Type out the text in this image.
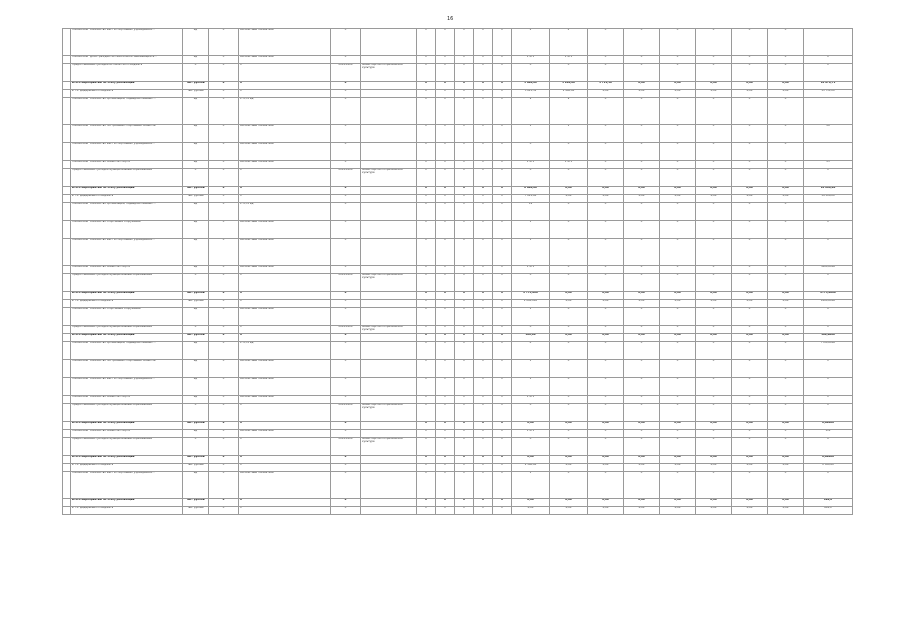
16
	Показатель "Количество мест в спортивных учреждениях..."	ед	Х	Абсолютный показатель	Х		Х	Х	Х	Х	Х	2	2	Х	Х	Х	Х	Х	Х	
	Показатель "Доля граждан систематически занимающихся..."	ед	Х	Абсолютный показатель	Х		Х	Х	Х	Х	Х	1 471	1 471	Х	Х	Х	Х	Х	Х	Х
	Предоставление субсидий из областного бюджета	Х	Х	Х	2014-2024	Министерство по физической культуре	Х	Х	Х	Х	Х	Х	Х	Х	Х	Х	Х	Х	Х	Х
	Итого мероприятию по этапу реализации	тыс. рублей	Х	Х	Х		Х	Х	Х	Х	Х	5 800,06	3 200,00	3 711,50	0,00	0,00	0,00	0,00	0,00	16 870,71
	в т.ч. федерального бюджета	тыс. рублей	Х	Х	Х		Х	Х	Х	Х	Х	5 621,32	2 900,00	0,00	0,00	0,00	0,00	0,00	0,00	15 731,00
	Показатель "Количество организаций, подведомственных ..."	ед	Х	Е: 0,70 ед.	Х		Х	Х	Х	Х	Х	9	9	Х	Х	Х	Х	Х	Х	
	Показатель "Количество построенных спортивных объектов"	ед	Х	Абсолютный показатель	Х		Х	Х	Х	Х	Х	1	1	Х	Х	Х	Х	Х	Х	28
	Показатель "Количество мест в спортивных учреждениях..."	ед	Х	Абсолютный показатель	Х		Х	Х	Х	Х	Х	Х	Х	Х	Х	Х	Х	Х	Х	
	Показатель "Количество объектов спорта"	ед	Х	Абсолютный показатель	Х		Х	Х	Х	Х	Х	1 471	1 471	Х	Х	Х	Х	Х	Х	25
	Предоставление субсидий муниципальным образованиям	Х	Х	Х	2014-2024	Министерство по физической культуре	Х	Х	Х	Х	Х	Х	Х	Х	Х	Х	Х	Х	Х	Х
	Итого мероприятию по этапу реализации	тыс. рублей	Х	Х	Х		Х	Х	Х	Х	Х	8 800,00	0,00	0,00	0,00	0,00	0,00	0,00	0,00	16 600,00
	в т.ч. федерального бюджета	тыс. рублей	Х	Х	Х		Х	Х	Х	Х	Х	7 021,00	0,00	0,00	0,00	0,00	0,00	0,00	0,00	14 500,00
	Показатель "Количество организаций, подведомственных ..."	ед	Х	Е: 0,70 ед.	Х		Х	Х	Х	Х	Х	19	Х	Х	Х	Х	Х	Х	Х	
	Показатель "Количество спортивных сооружений"	ед	Х	Абсолютный показатель	Х		Х	Х	Х	Х	Х	1	Х	Х	Х	Х	Х	Х	Х	Х
	Показатель "Количество мест в спортивных учреждениях..."	ед	Х	Абсолютный показатель	Х		Х	Х	Х	Х	Х	1	Х	Х	Х	Х	Х	Х	Х	Х
	Показатель "Количество объектов спорта"	ед	Х	Абсолютный показатель	Х		Х	Х	Х	Х	Х	1 471	Х	Х	Х	Х	Х	Х	Х	3000,0000
	Предоставление субсидий муниципальным образованиям	Х	Х	Х	2014-2024	Министерство по физической культуре	Х	Х	Х	Х	Х	Х	Х	Х	Х	Х	Х	Х	Х	Х
	Итого мероприятию по этапу реализации	тыс. рублей	Х	Х	Х		Х	Х	Х	Х	Х	2 774,000	0,00	0,00	0,00	0,00	0,00	0,00	0,00	2774,0000
	в т.ч. федерального бюджета	тыс. рублей	Х	Х	Х		Х	Х	Х	Х	Х	2 000,000	0,00	0,00	0,00	0,00	0,00	0,00	0,00	2000,0000
	Показатель "Количество спортивных сооружений"	ед	Х	Абсолютный показатель	Х		Х	Х	Х	Х	Х	1	Х	Х	Х	Х	Х	Х	Х	Х
	Предоставление субсидий муниципальным образованиям	Х	Х	Х	2014-2024	Министерство по физической культуре	Х	Х	Х	Х	Х	Х	Х	Х	Х	Х	Х	Х	Х	Х
	Итого мероприятию по этапу реализации	тыс. рублей	Х	Х	Х		Х	Х	Х	Х	Х	500,00	0,00	0,00	0,00	0,00	0,00	0,00	0,00	500,0000
	Показатель "Количество организаций, подведомственных ..."	ед	Х	Е: 0,70 ед.	Х		Х	Х	Х	Х	Х	0	Х	Х	Х	Х	Х	Х	Х	7700,0000
	Показатель "Количество построенных спортивных объектов"	ед	Х	Абсолютный показатель	Х		Х	Х	Х	Х	Х	1	Х	Х	Х	Х	Х	Х	Х	Х
	Показатель "Количество мест в спортивных учреждениях..."	ед	Х	Абсолютный показатель	Х		Х	Х	Х	Х	Х	1	Х	Х	Х	Х	Х	Х	Х	Х
	Показатель "Количество объектов спорта"	ед	Х	Абсолютный показатель	Х		Х	Х	Х	Х	Х	1 471	Х	Х	Х	Х	Х	Х	Х	Х
	Предоставление субсидий муниципальным образованиям	Х	Х	Х	2014-2024	Министерство по физической культуре	Х	Х	Х	Х	Х	Х	Х	Х	Х	Х	Х	Х	Х	Х
	Итого мероприятию по этапу реализации	тыс. рублей	Х	Х	Х		Х	Х	Х	Х	Х	0,00	0,00	0,00	0,00	0,00	0,00	0,00	0,00	0,00000
	Показатель "Количество объектов спорта"	ед	Х	Абсолютный показатель	Х		Х	Х	Х	Х	Х	1 471	Х	Х	Х	Х	Х	Х	Х	112
	Предоставление субсидий муниципальным образованиям	Х	Х	Х	2014-2024	Министерство по физической культуре	Х	Х	Х	Х	Х	Х	Х	Х	Х	Х	Х	Х	Х	Х
	Итого мероприятию по этапу реализации	тыс. рублей	Х	Х	Х		Х	Х	Х	Х	Х	0,00	0,00	0,00	0,00	0,00	0,00	0,00	0,00	0,00000
	в т.ч. федерального бюджета	тыс. рублей	Х	Х	Х		Х	Х	Х	Х	Х	2 500,00	0,00	0,00	0,00	0,00	0,00	0,00	0,00	2 500,00
	Показатель "Количество мест в спортивных учреждениях..."	ед	Х	Абсолютный показатель	Х		Х	Х	Х	Х	Х	1	Х	Х	Х	Х	Х	Х	Х	Х
	Итого мероприятию по этапу реализации	тыс. рублей	Х	Х	Х		Х	Х	Х	Х	Х	0,00	0,00	0,00	0,00	0,00	0,00	0,00	0,00	692,0
	в т.ч. федерального бюджета	тыс. рублей	Х	Х	Х		Х	Х	Х	Х	Х	0,00	0,00	0,00	0,00	0,00	0,00	0,00	0,00	692,0
